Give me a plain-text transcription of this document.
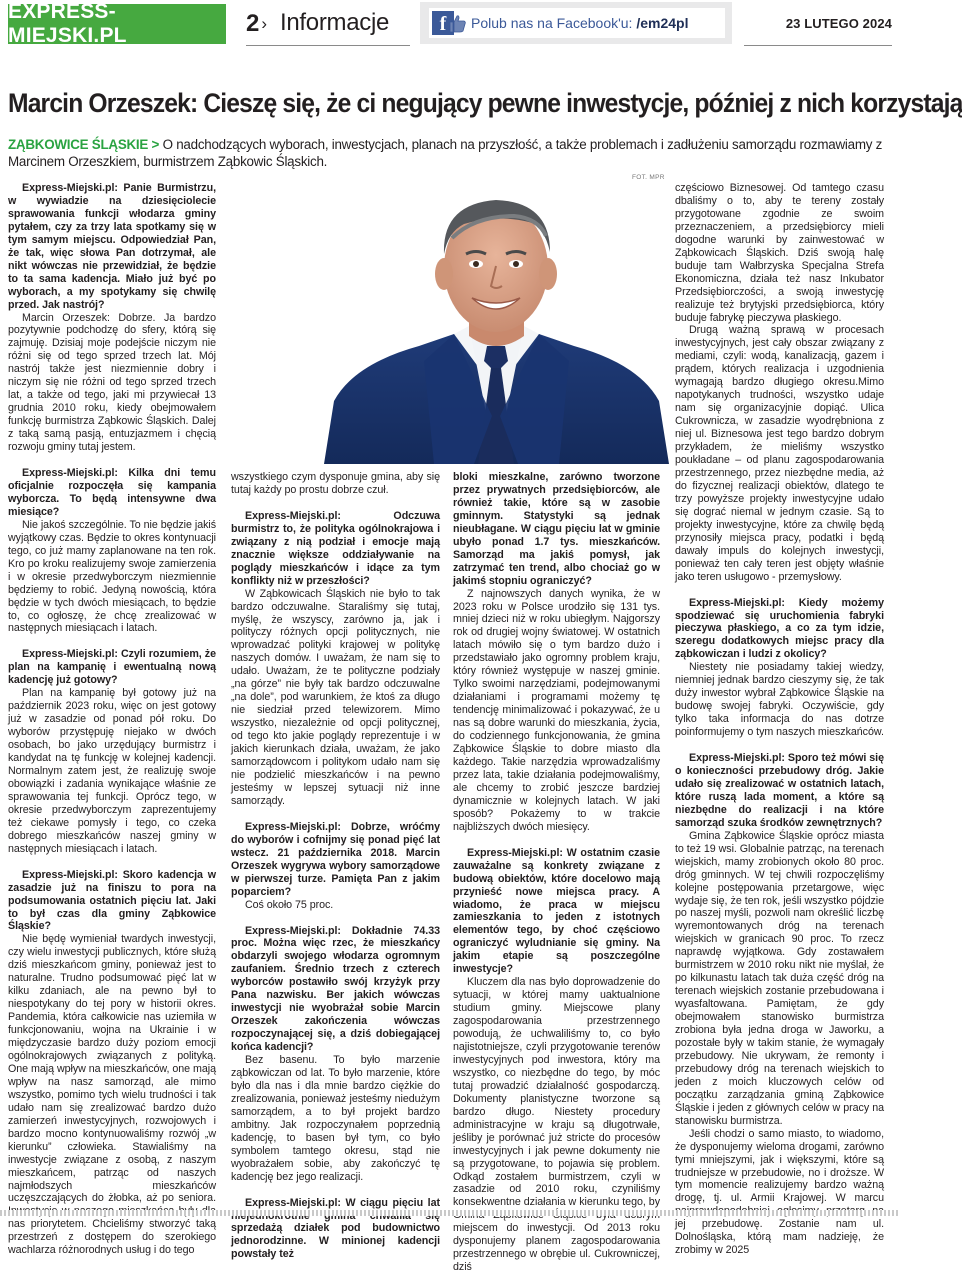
EXPRESS-MIEJSKI.PL	2 › Informacje	f	Polub nas na Facebook'u: /em24pl	23 LUTEGO 2024
Marcin Orzeszek: Cieszę się, że ci negujący pewne inwestycje, później z nich korzystają

ZĄBKOWICE ŚLĄSKIE > O nadchodzących wyborach, inwestycjach, planach na przyszłość, a także problemach i zadłużeniu samorządu rozmawiamy z Marcinem Orzeszkiem, burmistrzem Ząbkowic Śląskich.

FOT. MPR

Express-Miejski.pl: Panie Burmistrzu, w wywiadzie na dziesięciolecie sprawowania funkcji włodarza gminy pytałem, czy za trzy lata spotkamy się w tym samym miejscu. Odpowiedział Pan, że tak, więc słowa Pan dotrzymał, ale nikt wówczas nie przewidział, że będzie to ta sama kadencja. Miało już być po wyborach, a my spotykamy się chwilę przed. Jak nastrój?

Marcin Orzeszek: Dobrze. Ja bardzo pozytywnie podchodzę do sfery, którą się zajmuję. Dzisiaj moje podejście niczym nie różni się od tego sprzed trzech lat. Mój nastrój także jest niezmiennie dobry i niczym się nie różni od tego sprzed trzech lat, a także od tego, jaki mi przywiecał 13 grudnia 2010 roku, kiedy obejmowałem funkcję burmistrza Ząbkowic Śląskich. Dalej z taką samą pasją, entuzjazmem i chęcią rozwoju gminy tutaj jestem.

Express-Miejski.pl: Kilka dni temu oficjalnie rozpoczęła się kampania wyborcza. To będą intensywne dwa miesiące?

Nie jakoś szczególnie. To nie będzie jakiś wyjątkowy czas. Będzie to okres kontynuacji tego, co już mamy zaplanowane na ten rok. Kro po kroku realizujemy swoje zamierzenia i w okresie przedwyborczym niezmiennie będziemy to robić. Jedyną nowością, która będzie w tych dwóch miesiącach, to będzie to, co ogłoszę, że chcę zrealizować w następnych miesiącach i latach.

Express-Miejski.pl: Czyli rozumiem, że plan na kampanię i ewentualną nową kadencję już gotowy?

Plan na kampanię był gotowy już na październik 2023 roku, więc on jest gotowy już w zasadzie od ponad pół roku. Do wyborów przystępuję niejako w dwóch osobach, bo jako urzędujący burmistrz i kandydat na tę funkcję w kolejnej kadencji. Normalnym zatem jest, że realizuję swoje obowiązki i zadania wynikające właśnie ze sprawowania tej funkcji. Oprócz tego, w okresie przedwyborczym zaprezentujemy też ciekawe pomysły i tego, co czeka dobrego mieszkańców naszej gminy w następnych miesiącach i latach.

Express-Miejski.pl: Skoro kadencja w zasadzie już na finiszu to pora na podsumowania ostatnich pięciu lat. Jaki to był czas dla gminy Ząbkowice Śląskie?

Nie będę wymieniał twardych inwestycji, czy wielu inwestycji publicznych, które służą dziś mieszkańcom gminy, ponieważ jest to naturalne. Trudno podsumować pięć lat w kilku zdaniach, ale na pewno był to niespotykany do tej pory w historii okres. Pandemia, która całkowicie nas uziemiła w funkcjonowaniu, wojna na Ukrainie i w międzyczasie bardzo duży poziom emocji ogólnokrajowych związanych z polityką. One mają wpływ na mieszkańców, one mają wpływ na nasz samorząd, ale mimo wszystko, pomimo tych wielu trudności i tak udało nam się zrealizować bardzo dużo zamierzeń inwestycyjnych, rozwojowych i bardzo mocno kontynuowaliśmy rozwój „w kierunku” człowieka. Stawialiśmy na inwestycje związane z osobą, z naszym mieszkańcem, patrząc od naszych najmłodszych mieszkańców uczęszczających do żłobka, aż po seniora. nas priorytetem. Chcieliśmy stworzyć taką przestrzeń z dostępem do szerokiego wachlarza różnorodnych usług i do tego

wszystkiego czym dysponuje gmina, aby się tutaj każdy po prostu dobrze czuł.

Express-Miejski.pl: Odczuwa burmistrz to, że polityka ogólnokrajowa i związany z nią podział i emocje mają znacznie większe oddziaływanie na poglądy mieszkańców i idące za tym konflikty niż w przeszłości?

W Ząbkowicach Śląskich nie było to tak bardzo odczuwalne. Staraliśmy się tutaj, myślę, że wszyscy, zarówno ja, jak i polityczy różnych opcji politycznych, nie wprowadzać polityki krajowej w politykę naszych domów. I uważam, że nam się to udało. Uważam, że te polityczne podziały „na górze” nie były tak bardzo odczuwalne „na dole”, pod warunkiem, że ktoś za długo nie siedział przed telewizorem. Mimo wszystko, niezależnie od opcji politycznej, od tego kto jakie poglądy reprezentuje i w jakich kierunkach działa, uważam, że jako samorządowcom i politykom udało nam się nie podzielić mieszkańców i na pewno jesteśmy w lepszej sytuacji niż inne samorządy.

Express-Miejski.pl: Dobrze, wróćmy do wyborów i cofnijmy się ponad pięć lat wstecz. 21 października 2018. Marcin Orzeszek wygrywa wybory samorządowe w pierwszej turze. Pamięta Pan z jakim poparciem?

Coś około 75 proc.

Express-Miejski.pl: Dokładnie 74.33 proc. Można więc rzec, że mieszkańcy obdarzyli swojego włodarza ogromnym zaufaniem. Średnio trzech z czterech wyborców postawiło swój krzyżyk przy Pana nazwisku. Ber jakich wówczas inwestycji nie wyobrażał sobie Marcin Orzeszek zakończenia wówczas rozpoczynającej się, a dziś dobiegającej końca kadencji?

Bez basenu. To było marzenie ząbkowiczan od lat. To było marzenie, które było dla nas i dla mnie bardzo ciężkie do zrealizowania, ponieważ jesteśmy niedużym samorządem, a to był projekt bardzo ambitny. Jak rozpoczynałem poprzednią kadencję, to basen był tym, co było symbolem tamtego okresu, stąd nie wyobrażałem sobie, aby zakończyć tę kadencję bez jego realizacji.

Express-Miejski.pl: W ciągu pięciu lat sprzedażą działek pod budownictwo jednorodzinne. W minionej kadencji powstały też

bloki mieszkalne, zarówno tworzone przez prywatnych przedsiębiorców, ale również takie, które są w zasobie gminnym. Statystyki są jednak nieubłagane. W ciągu pięciu lat w gminie ubyło ponad 1.7 tys. mieszkańców. Samorząd ma jakiś pomysł, jak zatrzymać ten trend, albo chociaż go w jakimś stopniu ograniczyć?

Z najnowszych danych wynika, że w 2023 roku w Polsce urodziło się 131 tys. mniej dzieci niż w roku ubiegłym. Najgorszy rok od drugiej wojny światowej. W ostatnich latach mówiło się o tym bardzo dużo i przedstawiało jako ogromny problem kraju, który również występuje w naszej gminie. Tylko swoimi narzędziami, podejmowanymi działaniami i programami możemy tę tendencję minimalizować i pokazywać, że u nas są dobre warunki do mieszkania, życia, do codziennego funkcjonowania, że gmina Ząbkowice Śląskie to dobre miasto dla każdego. Takie narzędzia wprowadzaliśmy przez lata, takie działania podejmowaliśmy, ale chcemy to zrobić jeszcze bardziej dynamicznie w kolejnych latach. W jaki sposób? Pokażemy to w trakcie najbliższych dwóch miesięcy.

Express-Miejski.pl: W ostatnim czasie zauważalne są konkrety związane z budową obiektów, które docelowo mają przynieść nowe miejsca pracy. A wiadomo, że praca w miejscu zamieszkania to jeden z istotnych elementów tego, by choć częściowo ograniczyć wyludnianie się gminy. Na jakim etapie są poszczególne inwestycje?

Kluczem dla nas było doprowadzenie do sytuacji, w której mamy uaktualnione studium gminy. Miejscowe plany zagospodarowania przestrzennego powodują, że uchwaliliśmy to, co było najistotniejsze, czyli przygotowanie terenów inwestycyjnych pod inwestora, który ma wszystko, co niezbędne do tego, by móc tutaj prowadzić działalność gospodarczą. Dokumenty planistyczne tworzone są bardzo długo. Niestety procedury administracyjne w kraju są długotrwałe, jeśliby je porównać już stricte do procesów inwestycyjnych i jak pewne dokumenty nie są przygotowane, to pojawia się problem. Odkąd zostałem burmistrzem, czyli w zasadzie od 2010 roku, czyniliśmy konsekwentne działania w kierunku tego, by miejscem do inwestycji. Od 2013 roku dysponujemy planem zagospodarowania przestrzennego w obrębie ul. Cukrowniczej, dziś

częściowo Biznesowej. Od tamtego czasu dbaliśmy o to, aby te tereny zostały przygotowane zgodnie ze swoim przeznaczeniem, a przedsiębiorcy mieli dogodne warunki by zainwestować w Ząbkowicach Śląskich. Dziś swoją halę buduje tam Wałbrzyska Specjalna Strefa Ekonomiczna, działa też nasz Inkubator Przedsiębiorczości, a swoją inwestycję realizuje też brytyjski przedsiębiorca, który buduje fabrykę pieczywa płaskiego.

Drugą ważną sprawą w procesach inwestycyjnych, jest cały obszar związany z mediami, czyli: wodą, kanalizacją, gazem i prądem, których realizacja i uzgodnienia wymagają bardzo długiego okresu.Mimo napotykanych trudności, wszystko udaje nam się organizacyjnie dopiąć. Ulica Cukrownicza, w zasadzie wyodrębniona z niej ul. Biznesowa jest tego bardzo dobrym przykładem, że mieliśmy wszystko poukładane – od planu zagospodarowania przestrzennego, przez niezbędne media, aż do fizycznej realizacji obiektów, dlatego te trzy powyższe projekty inwestycyjne udało się dograć niemal w jednym czasie. Są to projekty inwestycyjne, które za chwilę będą przynosiły miejsca pracy, podatki i będą dawały impuls do kolejnych inwestycji, ponieważ ten cały teren jest objęty właśnie jako teren usługowo - przemysłowy.

Express-Miejski.pl: Kiedy możemy spodziewać się uruchomienia fabryki pieczywa płaskiego, a co za tym idzie, szeregu dodatkowych miejsc pracy dla ząbkowiczan i ludzi z okolicy?

Niestety nie posiadamy takiej wiedzy, niemniej jednak bardzo cieszymy się, że tak duży inwestor wybrał Ząbkowice Śląskie na budowę swojej fabryki. Oczywiście, gdy tylko taka informacja do nas dotrze poinformujemy o tym naszych mieszkańców.

Express-Miejski.pl: Sporo też mówi się o konieczności przebudowy dróg. Jakie udało się zrealizować w ostatnich latach, które ruszą lada moment, a które są niezbędne do realizacji i na które samorząd szuka środków zewnętrznych?

Gmina Ząbkowice Śląskie oprócz miasta to też 19 wsi. Globalnie patrząc, na terenach wiejskich, mamy zrobionych około 80 proc. dróg gminnych. W tej chwili rozpoczęliśmy kolejne postępowania przetargowe, więc wydaje się, że ten rok, jeśli wszystko pójdzie po naszej myśli, pozwoli nam określić liczbę wyremontowanych dróg na terenach wiejskich w granicach 90 proc. To rzecz naprawdę wyjątkowa. Gdy zostawałem burmistrzem w 2010 roku nikt nie myślał, że po kilkunastu latach tak duża część dróg na terenach wiejskich zostanie przebudowana i wyasfaltowana. Pamiętam, że gdy obejmowałem stanowisko burmistrza zrobiona była jedna droga w Jaworku, a pozostałe były w takim stanie, że wymagały przebudowy. Nie ukrywam, że remonty i przebudowy dróg na terenach wiejskich to jeden z moich kluczowych celów od początku zarządzania gminą Ząbkowice Śląskie i jeden z głównych celów w pracy na stanowisku burmistrza.

Jeśli chodzi o samo miasto, to wiadomo, że dysponujemy wieloma drogami, zarówno tymi mniejszymi, jak i większymi, które są trudniejsze w przebudowie, no i droższe. W tym momencie realizujemy bardzo ważną drogę, tj. ul. Armii Krajowej. W marcu jej przebudowę. Zostanie nam ul. Dolnośląska, którą mam nadzieję, że zrobimy w 2025
